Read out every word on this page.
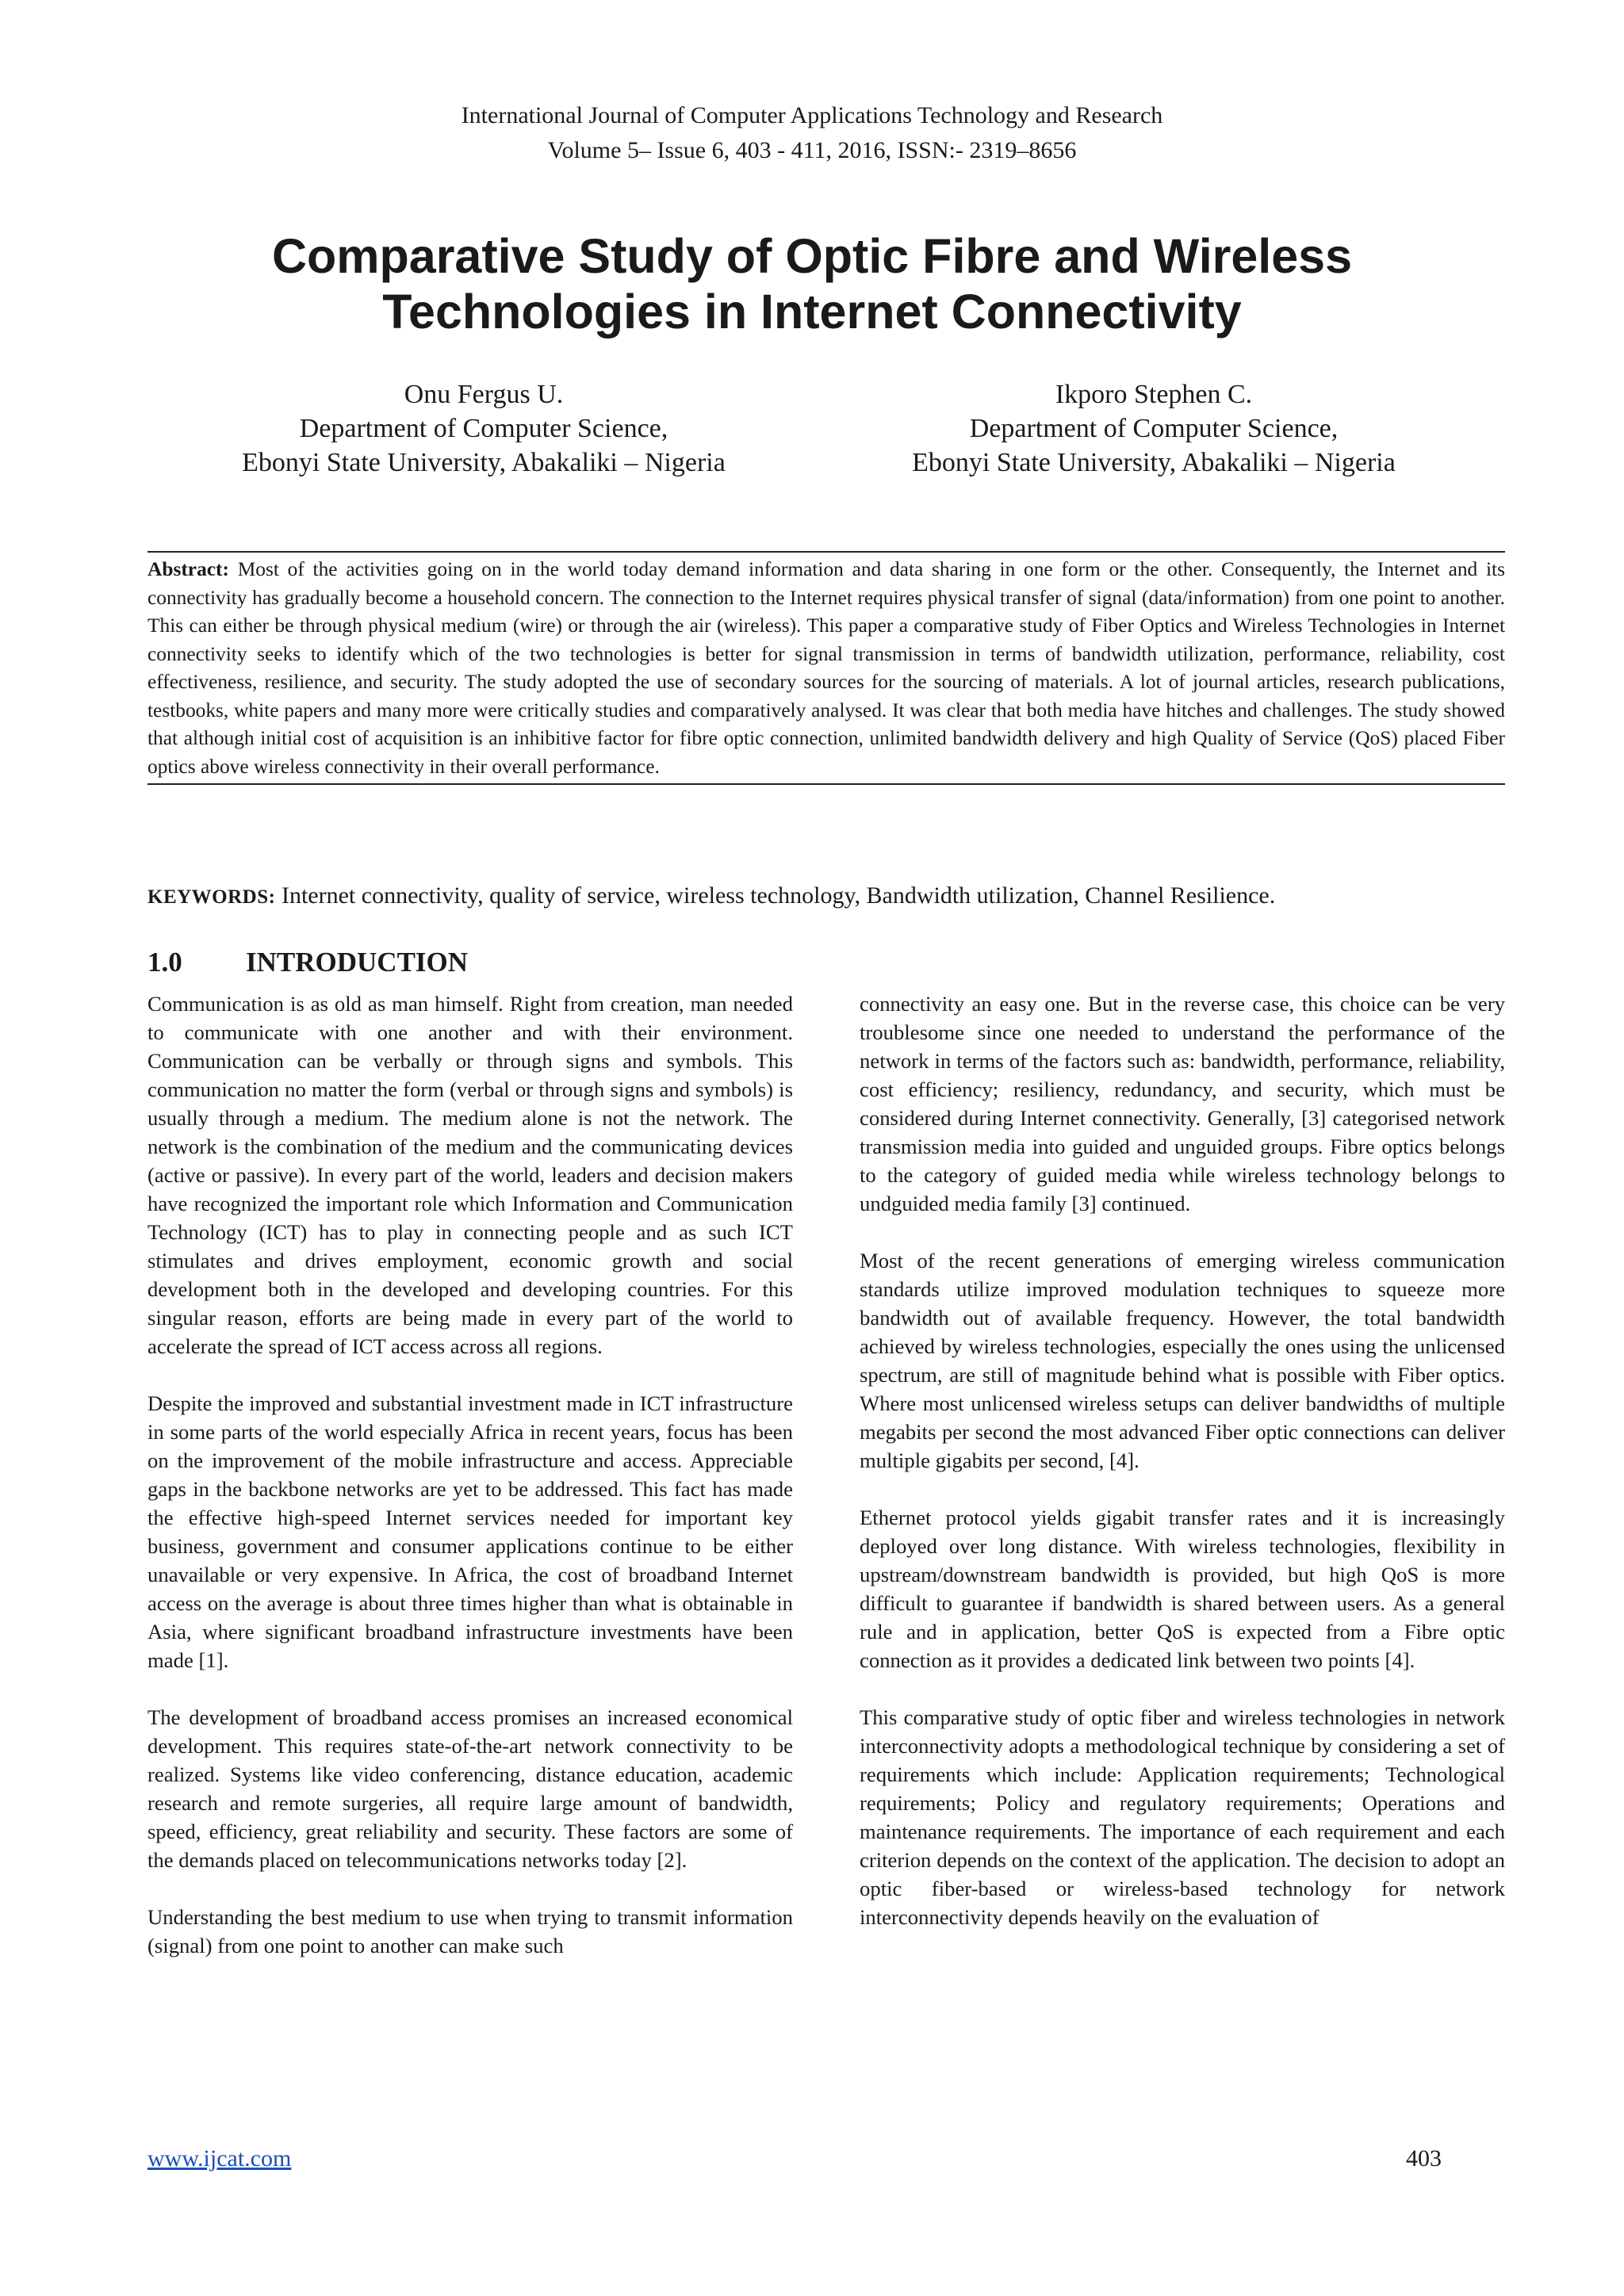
International Journal of Computer Applications Technology and Research
Volume 5– Issue 6, 403 - 411, 2016, ISSN:- 2319–8656
Comparative Study of Optic Fibre and Wireless
Technologies in Internet Connectivity
Onu Fergus U.
Department of Computer Science,
Ebonyi State University, Abakaliki – Nigeria
Ikporo Stephen C.
Department of Computer Science,
Ebonyi State University, Abakaliki – Nigeria
Abstract: Most of the activities going on in the world today demand information and data sharing in one form or the other. Consequently, the Internet and its connectivity has gradually become a household concern. The connection to the Internet requires physical transfer of signal (data/information) from one point to another. This can either be through physical medium (wire) or through the air (wireless). This paper a comparative study of Fiber Optics and Wireless Technologies in Internet connectivity seeks to identify which of the two technologies is better for signal transmission in terms of bandwidth utilization, performance, reliability, cost effectiveness, resilience, and security. The study adopted the use of secondary sources for the sourcing of materials. A lot of journal articles, research publications, testbooks, white papers and many more were critically studies and comparatively analysed. It was clear that both media have hitches and challenges. The study showed that although initial cost of acquisition is an inhibitive factor for fibre optic connection, unlimited bandwidth delivery and high Quality of Service (QoS) placed Fiber optics above wireless connectivity in their overall performance.
KEYWORDS: Internet connectivity, quality of service, wireless technology, Bandwidth utilization, Channel Resilience.
1.0 INTRODUCTION

Communication is as old as man himself. Right from creation, man needed to communicate with one another and with their environment. Communication can be verbally or through signs and symbols. This communication no matter the form (verbal or through signs and symbols) is usually through a medium. The medium alone is not the network. The network is the combination of the medium and the communicating devices (active or passive). In every part of the world, leaders and decision makers have recognized the important role which Information and Communication Technology (ICT) has to play in connecting people and as such ICT stimulates and drives employment, economic growth and social development both in the developed and developing countries. For this singular reason, efforts are being made in every part of the world to accelerate the spread of ICT access across all regions.

Despite the improved and substantial investment made in ICT infrastructure in some parts of the world especially Africa in recent years, focus has been on the improvement of the mobile infrastructure and access. Appreciable gaps in the backbone networks are yet to be addressed. This fact has made the effective high-speed Internet services needed for important key business, government and consumer applications continue to be either unavailable or very expensive. In Africa, the cost of broadband Internet access on the average is about three times higher than what is obtainable in Asia, where significant broadband infrastructure investments have been made [1].

The development of broadband access promises an increased economical development. This requires state-of-the-art network connectivity to be realized. Systems like video conferencing, distance education, academic research and remote surgeries, all require large amount of bandwidth, speed, efficiency, great reliability and security. These factors are some of the demands placed on telecommunications networks today [2].

Understanding the best medium to use when trying to transmit information (signal) from one point to another can make such

connectivity an easy one. But in the reverse case, this choice can be very troublesome since one needed to understand the performance of the network in terms of the factors such as: bandwidth, performance, reliability, cost efficiency; resiliency, redundancy, and security, which must be considered during Internet connectivity. Generally, [3] categorised network transmission media into guided and unguided groups. Fibre optics belongs to the category of guided media while wireless technology belongs to undguided media family [3] continued.

Most of the recent generations of emerging wireless communication standards utilize improved modulation techniques to squeeze more bandwidth out of available frequency. However, the total bandwidth achieved by wireless technologies, especially the ones using the unlicensed spectrum, are still of magnitude behind what is possible with Fiber optics. Where most unlicensed wireless setups can deliver bandwidths of multiple megabits per second the most advanced Fiber optic connections can deliver multiple gigabits per second, [4].

Ethernet protocol yields gigabit transfer rates and it is increasingly deployed over long distance. With wireless technologies, flexibility in upstream/downstream bandwidth is provided, but high QoS is more difficult to guarantee if bandwidth is shared between users. As a general rule and in application, better QoS is expected from a Fibre optic connection as it provides a dedicated link between two points [4].

This comparative study of optic fiber and wireless technologies in network interconnectivity adopts a methodological technique by considering a set of requirements which include: Application requirements; Technological requirements; Policy and regulatory requirements; Operations and maintenance requirements. The importance of each requirement and each criterion depends on the context of the application. The decision to adopt an optic fiber-based or wireless-based technology for network interconnectivity depends heavily on the evaluation of

www.ijcat.com	403
